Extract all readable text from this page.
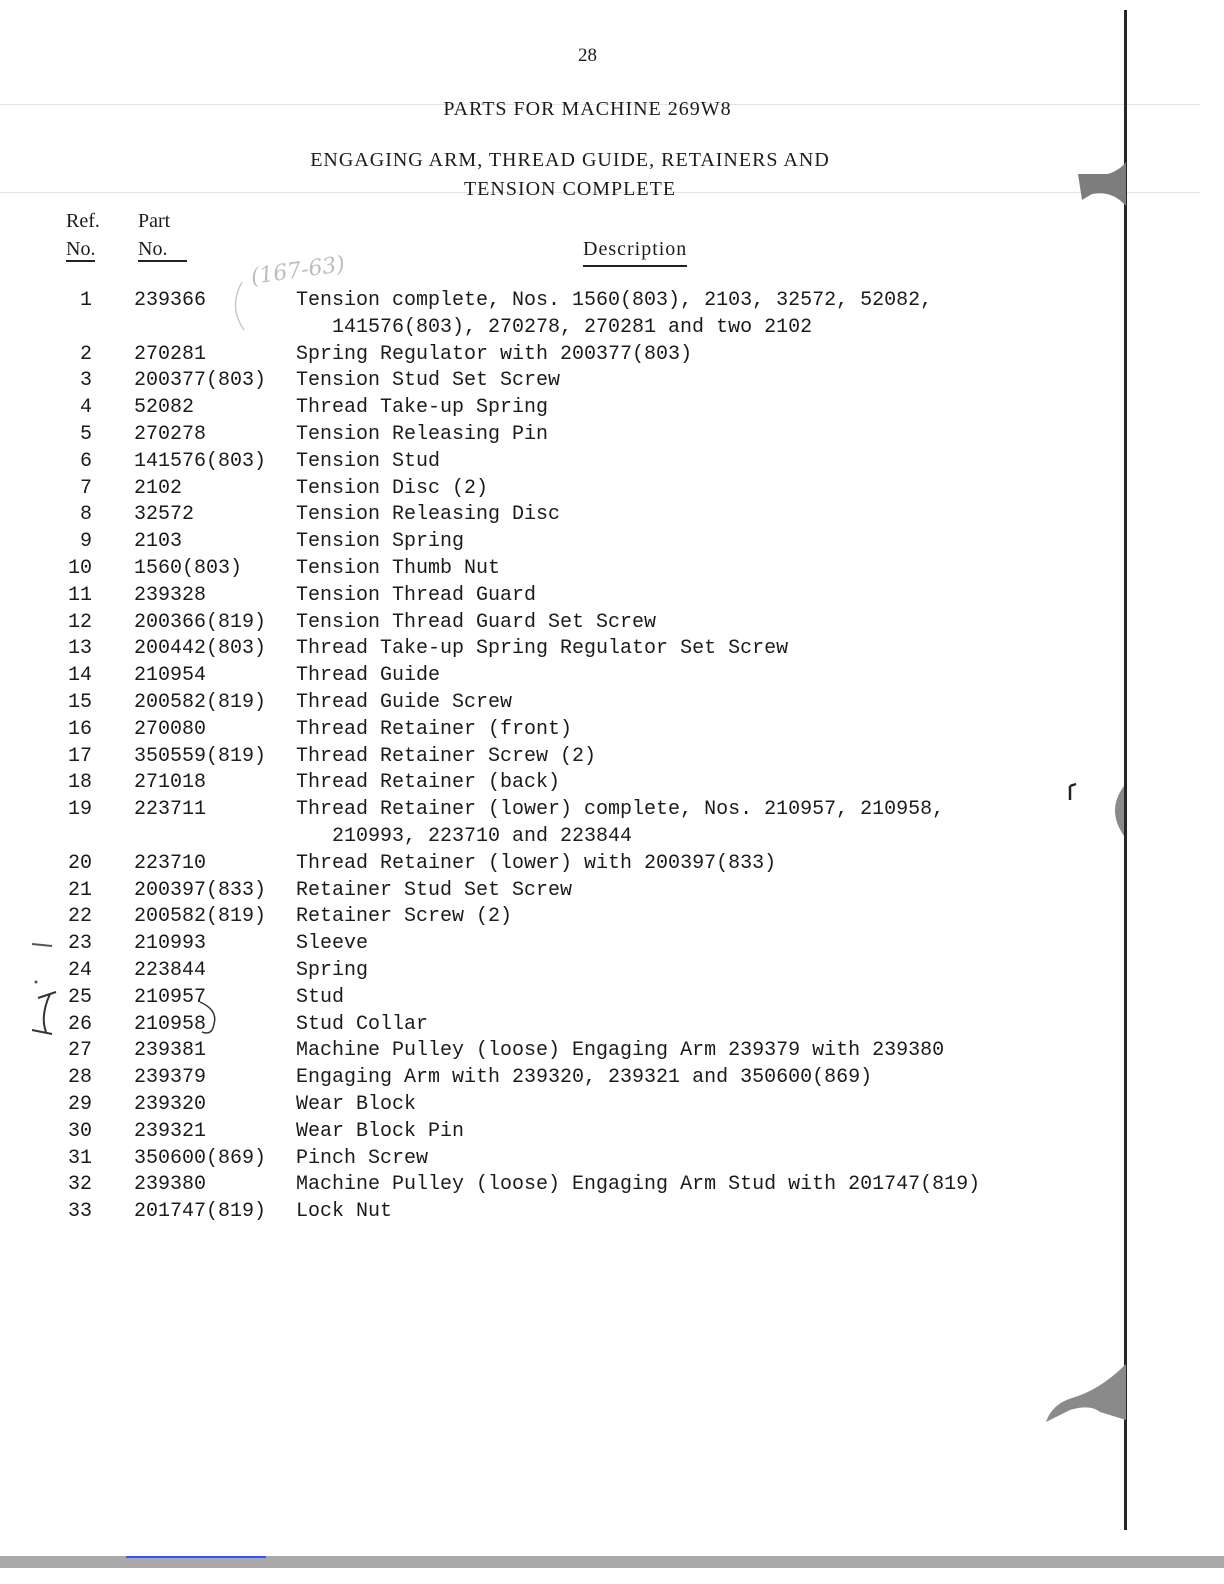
28
PARTS FOR MACHINE 269W8
ENGAGING ARM, THREAD GUIDE, RETAINERS AND
TENSION COMPLETE
Ref.
No.
Part
No.	Description
(167-63)
1 239366	Tension complete, Nos. 1560(803), 2103, 32572, 52082,
141576(803), 270278, 270281 and two 2102
2 270281	Spring Regulator with 200377(803)
3 200377(803) Tension Stud Set Screw
4 52082	Thread Take-up Spring
5 270278	Tension Releasing Pin
6 141576(803) Tension Stud
7 2102	Tension Disc (2)
8 32572	Tension Releasing Disc
9 2103	Tension Spring
10 1560(803)	Tension Thumb Nut
11 239328	Tension Thread Guard
12 200366(819) Tension Thread Guard Set Screw
13 200442(803) Thread Take-up Spring Regulator Set Screw
14 210954	Thread Guide
15 200582(819) Thread Guide Screw
16 270080	Thread Retainer (front)
17 350559(819) Thread Retainer Screw (2)
18 271018	Thread Retainer (back)
19 223711	Thread Retainer (lower) complete, Nos. 210957, 210958,
210993, 223710 and 223844
20 223710	Thread Retainer (lower) with 200397(833)
21 200397(833) Retainer Stud Set Screw
22 200582(819) Retainer Screw (2)
23 210993	Sleeve
24 223844	Spring
25 210957	Stud
26 210958	Stud Collar
27 239381	Machine Pulley (loose) Engaging Arm 239379 with 239380
28 239379	Engaging Arm with 239320, 239321 and 350600(869)
29 239320	Wear Block
30 239321	Wear Block Pin
31 350600(869) Pinch Screw
32 239380	Machine Pulley (loose) Engaging Arm Stud with 201747(819)
33 201747(819) Lock Nut
